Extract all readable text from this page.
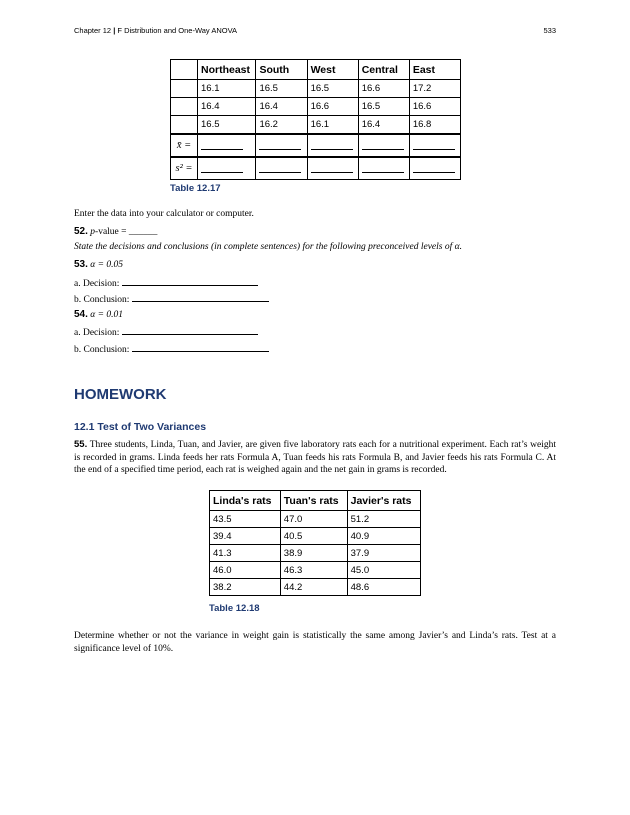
Chapter 12 | F Distribution and One-Way ANOVA	533
	Northeast	South	West	Central	East
	16.1	16.5	16.5	16.6	17.2
	16.4	16.4	16.6	16.5	16.6
	16.5	16.2	16.1	16.4	16.8
x̄ =					
s² =					
Table 12.17
Enter the data into your calculator or computer.
52. p-value = ______
State the decisions and conclusions (in complete sentences) for the following preconceived levels of α.
53. α = 0.05
a. Decision:
b. Conclusion:
54. α = 0.01
a. Decision:
b. Conclusion:
HOMEWORK
12.1 Test of Two Variances
55. Three students, Linda, Tuan, and Javier, are given five laboratory rats each for a nutritional experiment. Each rat’s weight is recorded in grams. Linda feeds her rats Formula A, Tuan feeds his rats Formula B, and Javier feeds his rats Formula C. At the end of a specified time period, each rat is weighed again and the net gain in grams is recorded.
Linda's rats	Tuan's rats	Javier's rats
43.5	47.0	51.2
39.4	40.5	40.9
41.3	38.9	37.9
46.0	46.3	45.0
38.2	44.2	48.6
Table 12.18
Determine whether or not the variance in weight gain is statistically the same among Javier’s and Linda’s rats. Test at a significance level of 10%.
